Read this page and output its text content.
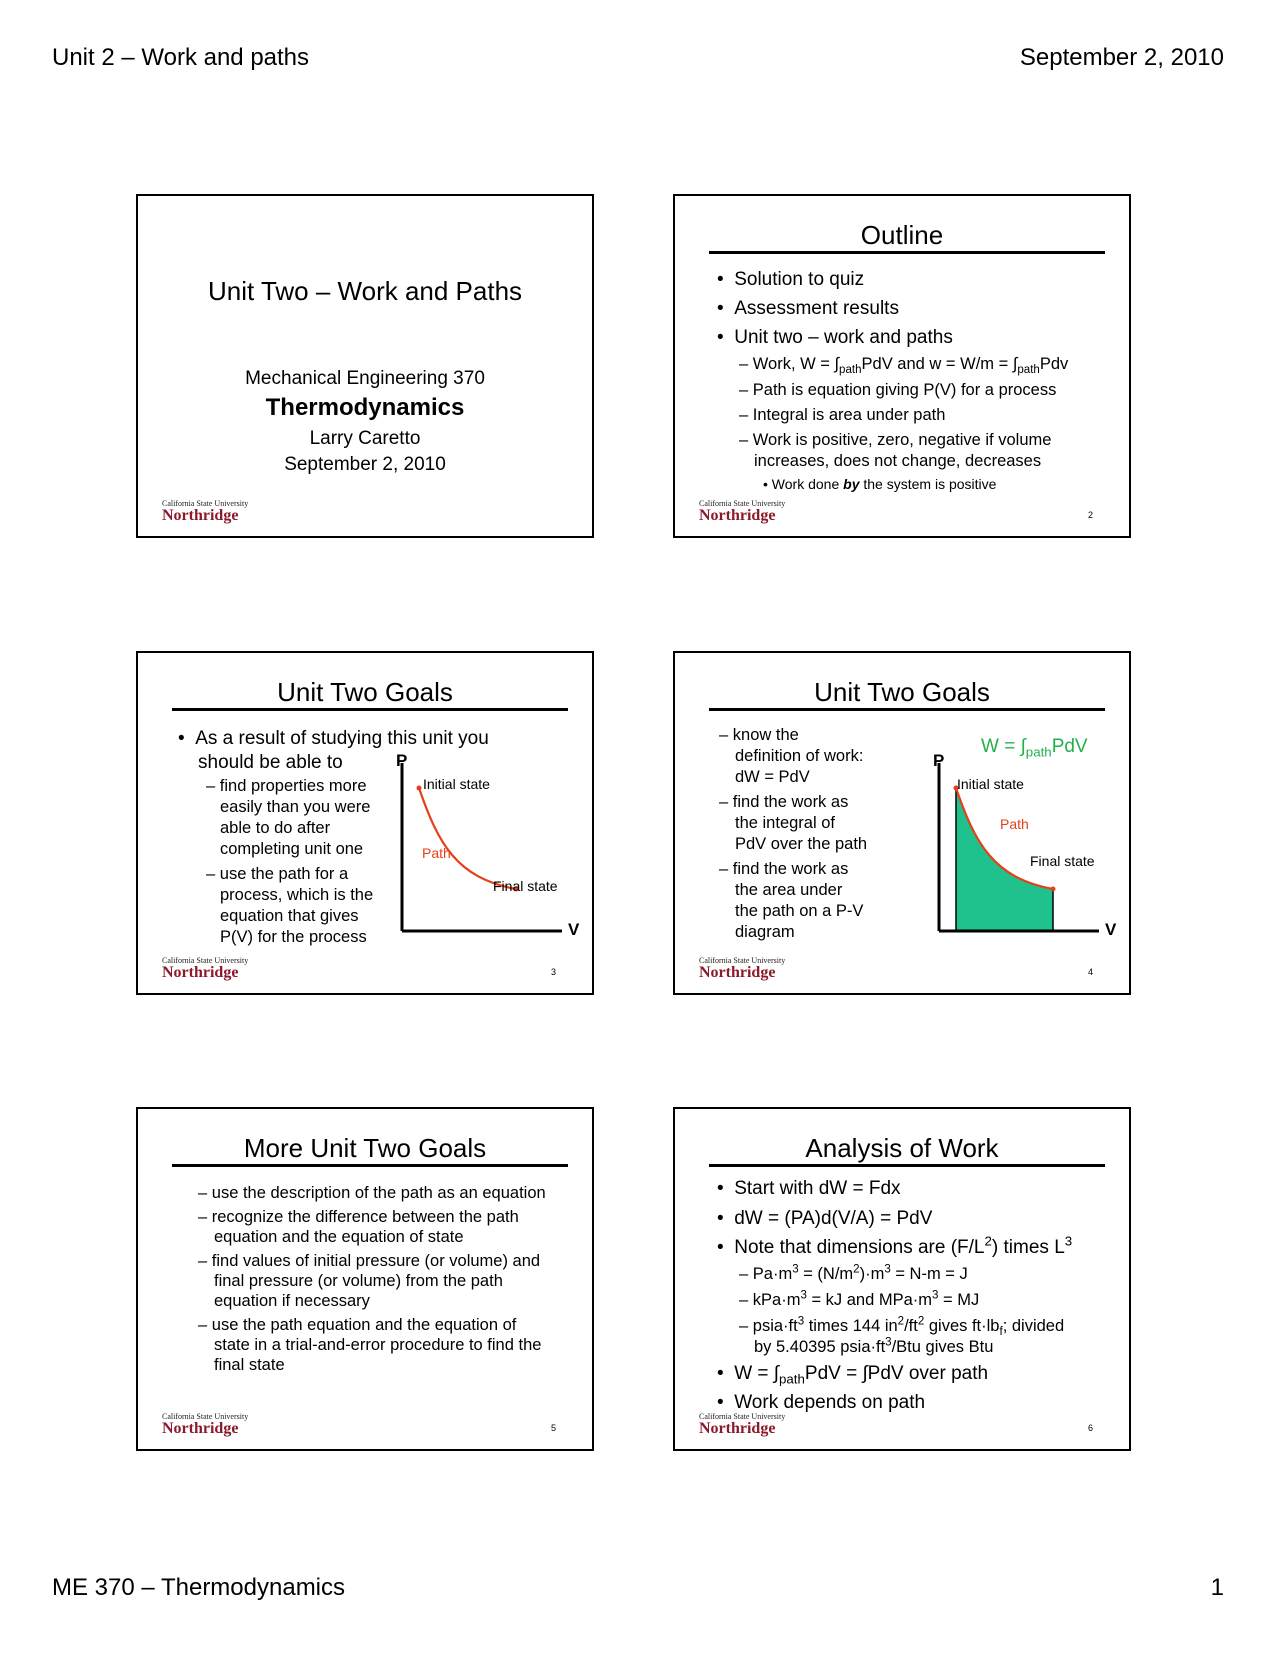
Unit 2 – Work and paths	September 2, 2010
ME 370 – Thermodynamics	1
Unit Two – Work and Paths
Mechanical Engineering 370
Thermodynamics
Larry Caretto
September 2, 2010
California State University
Northridge
Outline
• Solution to quiz
• Assessment results
• Unit two – work and paths
– Work, $W = \int_{path}PdV$ and $w = W/m = \int_{path}Pdv$
– Path is equation giving P(V) for a process
– Integral is area under path
– Work is positive, zero, negative if volume
increases, does not change, decreases
• Work done by the system is positive
California State University
Northridge	2
Unit Two Goals
• As a result of studying this unit you
should be able to
– find properties more
easily than you were
able to do after
completing unit one
– use the path for a
process, which is the
equation that gives
P(V) for the process
P
V
Initial state
Path
Final state
California State University
Northridge	3
Unit Two Goals
– know the
definition of work:
dW = PdV
– find the work as
the integral of
PdV over the path
– find the work as
the area under
the path on a P-V
diagram
$W = \int_{path}PdV$
P
V
Initial state
Path
Final state
California State University
Northridge	4
More Unit Two Goals
– use the description of the path as an equation
– recognize the difference between the path
equation and the equation of state
– find values of initial pressure (or volume) and
final pressure (or volume) from the path
equation if necessary
– use the path equation and the equation of
state in a trial-and-error procedure to find the
final state
California State University
Northridge	5
Analysis of Work
• Start with dW = Fdx
• dW = (PA)d(V/A) = PdV
• Note that dimensions are $(F/L^2)$ times $L^3$
– $Pa\cdot m^3 = (N/m^2)\cdot m^3 = N-m = J$
– $kPa\cdot m^3$ = kJ and $MPa\cdot m^3$ = MJ
– $psia\cdot ft^3$ times 144 $in^2/ft^2$ gives $ft\cdot lb_f$; divided
by 5.40395 $psia\cdot ft^3$/Btu gives Btu
• $W = \int_{path}PdV = \int PdV$ over path
• Work depends on path
California State University
Northridge	6
